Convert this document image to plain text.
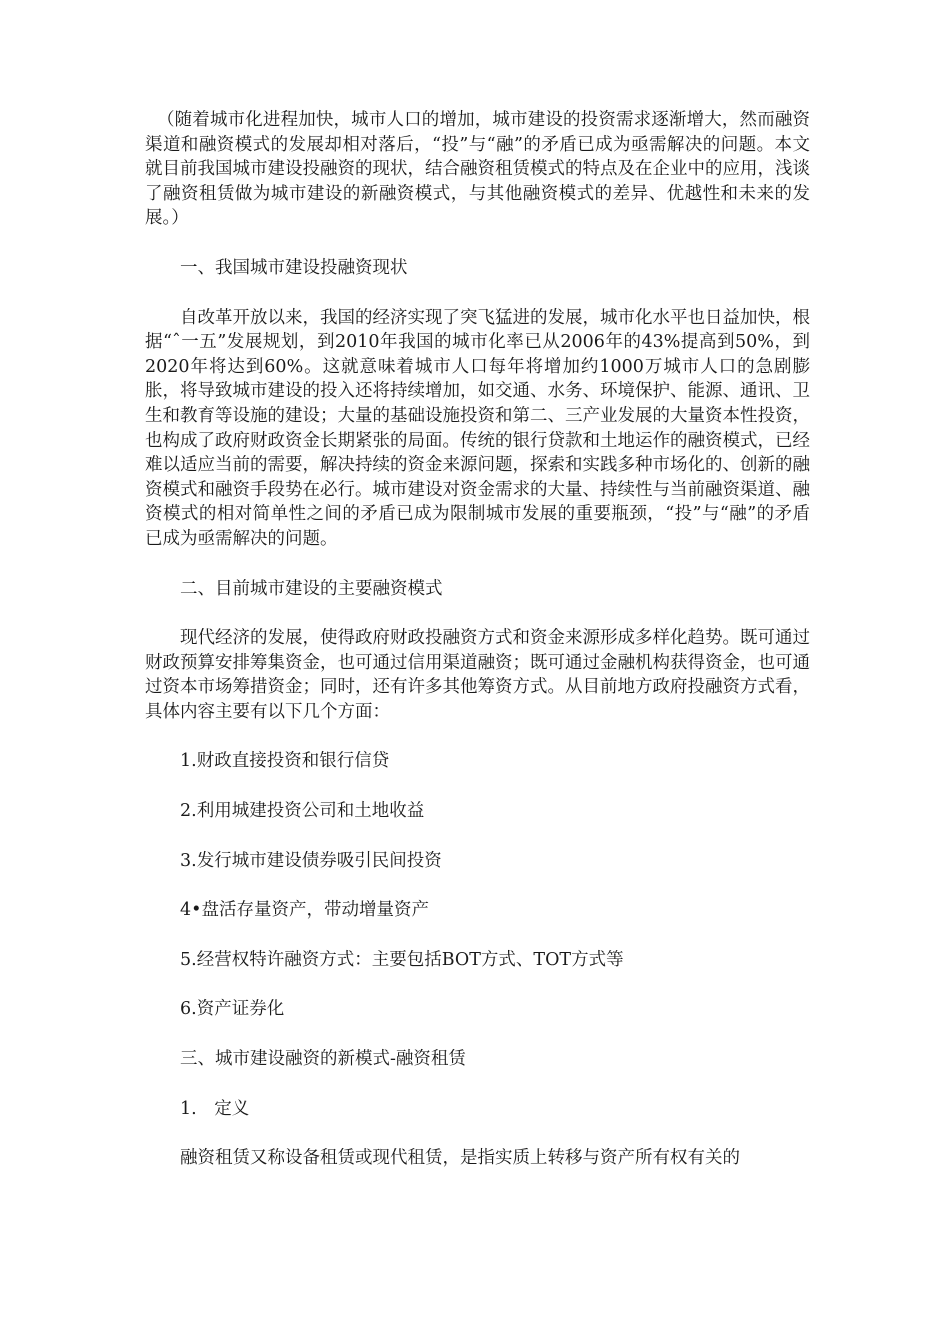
（随着城市化进程加快，城市人口的增加，城市建设的投资需求逐渐增大，然而融资渠道和融资模式的发展却相对落后，“投”与“融”的矛盾已成为亟需解决的问题。本文就目前我国城市建设投融资的现状，结合融资租赁模式的特点及在企业中的应用，浅谈了融资租赁做为城市建设的新融资模式，与其他融资模式的差异、优越性和未来的发展。）

一、我国城市建设投融资现状

自改革开放以来，我国的经济实现了突飞猛进的发展，城市化水平也日益加快，根据“ˆ一五”发展规划，到2010年我国的城市化率已从2006年的43%提高到50%，到2020年将达到60%。这就意味着城市人口每年将增加约1000万城市人口的急剧膨胀，将导致城市建设的投入还将持续增加，如交通、水务、环境保护、能源、通讯、卫生和教育等设施的建设；大量的基础设施投资和第二、三产业发展的大量资本性投资，也构成了政府财政资金长期紧张的局面。传统的银行贷款和土地运作的融资模式，已经难以适应当前的需要，解决持续的资金来源问题，探索和实践多种市场化的、创新的融资模式和融资手段势在必行。城市建设对资金需求的大量、持续性与当前融资渠道、融资模式的相对简单性之间的矛盾已成为限制城市发展的重要瓶颈，“投”与“融”的矛盾已成为亟需解决的问题。

二、目前城市建设的主要融资模式

现代经济的发展，使得政府财政投融资方式和资金来源形成多样化趋势。既可通过财政预算安排筹集资金，也可通过信用渠道融资；既可通过金融机构获得资金，也可通过资本市场筹措资金；同时，还有许多其他筹资方式。从目前地方政府投融资方式看，具体内容主要有以下几个方面：

1.财政直接投资和银行信贷

2.利用城建投资公司和土地收益

3.发行城市建设债券吸引民间投资

4•盘活存量资产，带动增量资产

5.经营权特许融资方式：主要包括BOT方式、TOT方式等

6.资产证券化

三、城市建设融资的新模式-融资租赁

1.　定义

融资租赁又称设备租赁或现代租赁，是指实质上转移与资产所有权有关的
